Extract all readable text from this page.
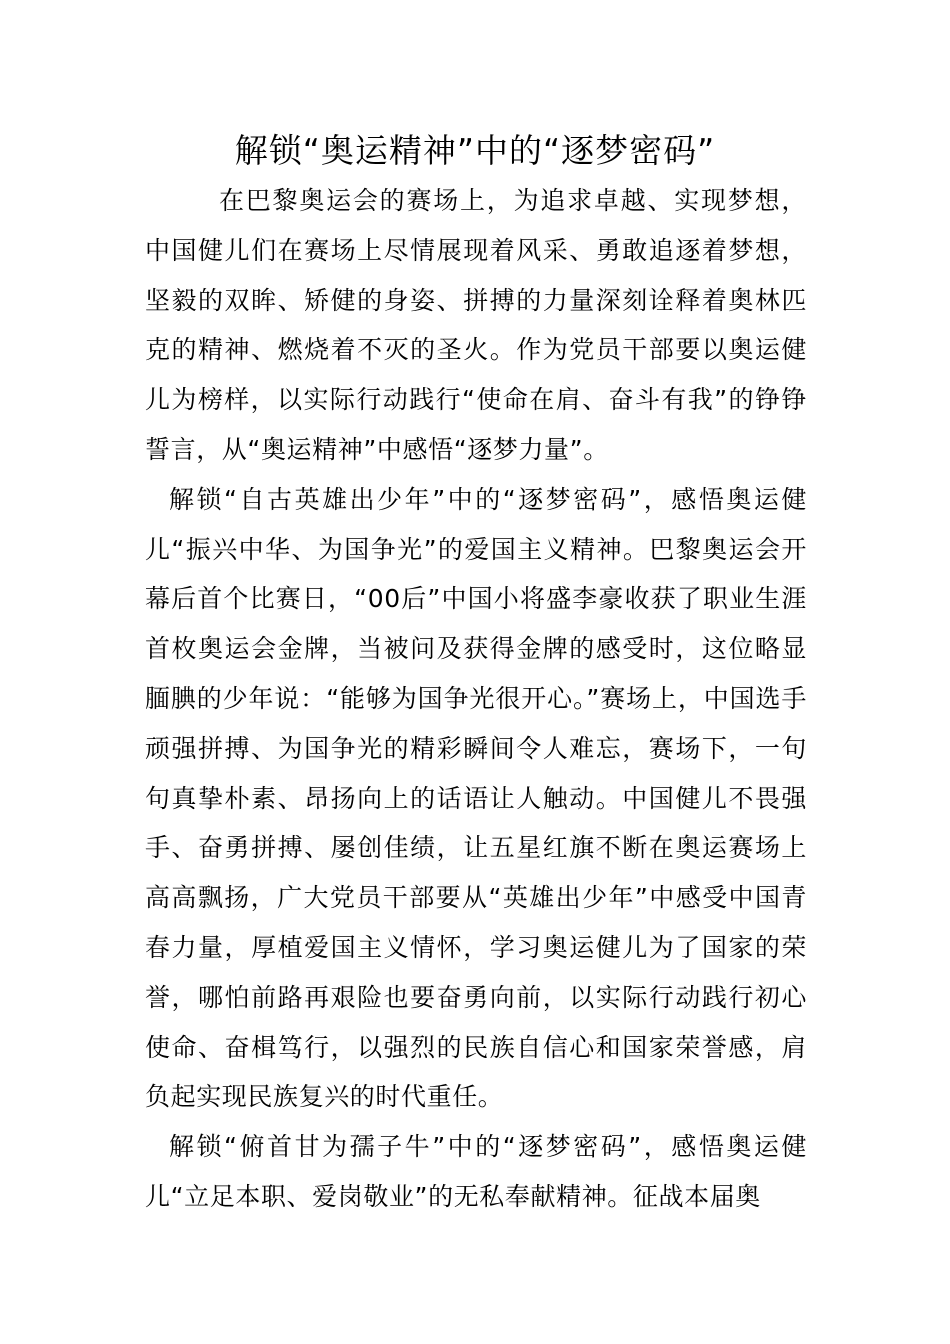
解锁“奥运精神”中的“逐梦密码”

在巴黎奥运会的赛场上，为追求卓越、实现梦想，中国健儿们在赛场上尽情展现着风采、勇敢追逐着梦想，坚毅的双眸、矫健的身姿、拼搏的力量深刻诠释着奥林匹克的精神、燃烧着不灭的圣火。作为党员干部要以奥运健儿为榜样，以实际行动践行“使命在肩、奋斗有我”的铮铮誓言，从“奥运精神”中感悟“逐梦力量”。

解锁“自古英雄出少年”中的“逐梦密码”，感悟奥运健儿“振兴中华、为国争光”的爱国主义精神。巴黎奥运会开幕后首个比赛日，“00后”中国小将盛李豪收获了职业生涯首枚奥运会金牌，当被问及获得金牌的感受时，这位略显腼腆的少年说：“能够为国争光很开心。”赛场上，中国选手顽强拼搏、为国争光的精彩瞬间令人难忘，赛场下，一句句真挚朴素、昂扬向上的话语让人触动。中国健儿不畏强手、奋勇拼搏、屡创佳绩，让五星红旗不断在奥运赛场上高高飘扬，广大党员干部要从“英雄出少年”中感受中国青春力量，厚植爱国主义情怀，学习奥运健儿为了国家的荣誉，哪怕前路再艰险也要奋勇向前，以实际行动践行初心使命、奋楫笃行，以强烈的民族自信心和国家荣誉感，肩负起实现民族复兴的时代重任。

解锁“俯首甘为孺子牛”中的“逐梦密码”，感悟奥运健儿“立足本职、爱岗敬业”的无私奉献精神。征战本届奥
